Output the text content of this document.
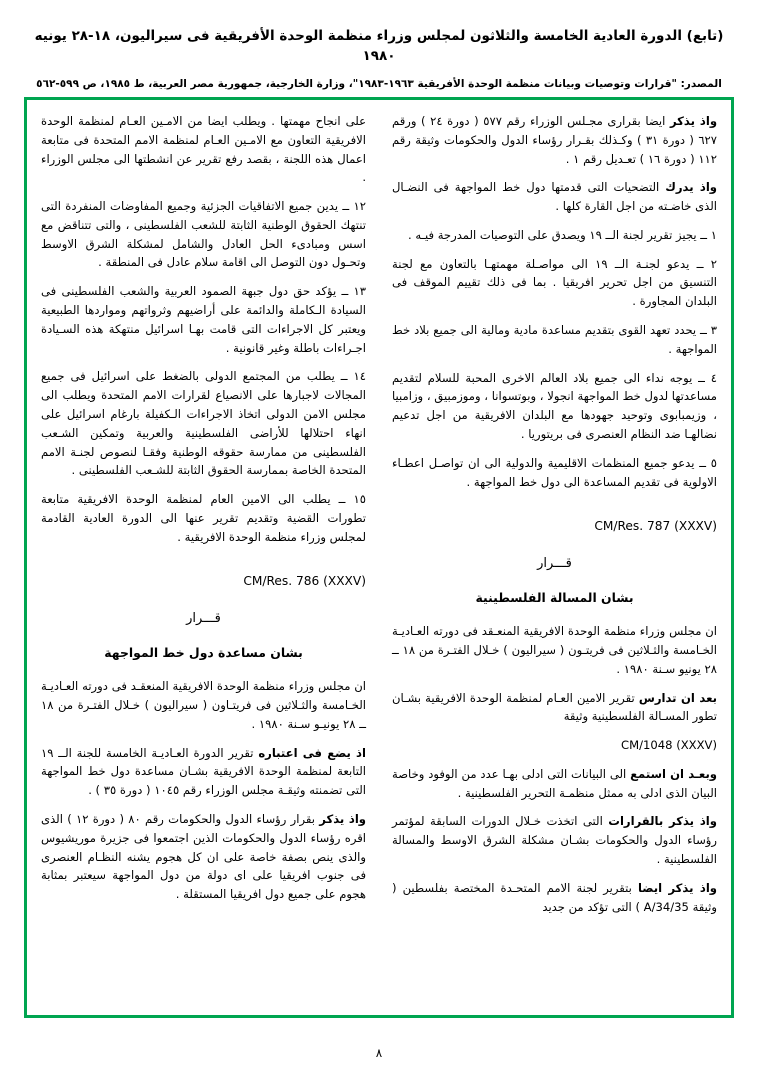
(تابع) الدورة العادية الخامسة والثلاثون لمجلس وزراء منظمة الوحدة الأفريقية فى سيراليون، ١٨-٢٨ يونيه ١٩٨٠

المصدر: "قرارات وتوصيات وبيانات منظمة الوحدة الأفريقية ١٩٦٣-١٩٨٣"، وزارة الخارجية، جمهورية مصر العربية، ط ١٩٨٥، ص ٥٩٩-٥٦٢

واذ يذكر ايضا بقرارى مجـلس الوزراء رقم ٥٧٧ ( دورة ٢٤ ) ورقم ٦٢٧ ( دورة ٣١ ) وكـذلك بقـرار رؤساء الدول والحكومات وثيقة رقم ١١٢ ( دورة ١٦ ) تعـديل رقم ١ .

واذ يدرك التضحيات التى قدمتها دول خط المواجهة فى النضـال الذى خاضـته من اجل القارة كلها .

١ ــ يجيز تقرير لجنة الــ ١٩ ويصدق على التوصيات المدرجة فيـه .

٢ ــ يدعو لجنـة الــ ١٩ الى مواصـلة مهمتهـا بالتعاون مع لجنة التنسيق من اجل تحرير افريقيا . بما فى ذلك تقييم الموقف فى البلدان المجاورة .

٣ ــ يحدد تعهد القوى بتقديم مساعدة مادية ومالية الى جميع بلاد خط المواجهة .

٤ ــ يوجه نداء الى جميع بلاد العالم الاخرى المحبة للسلام لتقديم مساعدتها لدول خط المواجهة انجولا ، وبوتسوانا ، وموزمبيق ، وزامبيا ، وزيمبابوى وتوحيد جهودها مع البلدان الافريقية من اجل تدعيم نضالهـا ضد النظام العنصرى فى بريتوريا .

٥ ــ يدعو جميع المنظمات الاقليمية والدولية الى ان تواصـل اعطـاء الاولوية فى تقديم المساعدة الى دول خط المواجهة .

CM/Res. 787 (XXXV)
قـــرار
بشان المسالة الفلسطينية

ان مجلس وزراء منظمة الوحدة الافريقية المنعـقد فى دورته العـاديـة الخـامسة والثـلاثين فى فريتـون ( سيراليون ) خـلال الفتـرة من ١٨ ــ ٢٨ يونيو سـنة ١٩٨٠ .

بعد ان تدارس تقرير الامين العـام لمنظمة الوحدة الافريقية بشـان تطور المسـالة الفلسطينية وثيقة

CM/1048 (XXXV)

وبعـد ان استمع الى البيانات التى ادلى بهـا عدد من الوفود وخاصة البيان الذى ادلى به ممثل منظمـة التحرير الفلسطينية .

واذ يذكر بالقرارات التى اتخذت خـلال الدورات السابقة لمؤتمر رؤساء الدول والحكومات بشـان مشكلة الشرق الاوسط والمسالة الفلسطينية .

واذ يذكر ايضا بتقرير لجنة الامم المتحـدة المختصة بفلسطين ( وثيقة A/34/35 ) التى تؤكد من جديد

على انجاح مهمتها . ويطلب ايضا من الامـين العـام لمنظمة الوحدة الافريقية التعاون مع الامـين العـام لمنظمة الامم المتحدة فى متابعة اعمال هذه اللجنة ، بقصد رفع تقرير عن انشطتها الى مجلس الوزراء .

١٢ ــ يدين جميع الاتفاقيات الجزئية وجميع المفاوضات المنفردة التى تنتهك الحقوق الوطنية الثابتة للشعب الفلسطينى ، والتى تتناقض مع اسس ومبادىء الحل العادل والشامل لمشكلة الشرق الاوسط وتحـول دون التوصل الى اقامة سلام عادل فى المنطقة .

١٣ ــ يؤكد حق دول جبهة الصمود العربية والشعب الفلسطينى فى السيادة الـكاملة والدائمة على أراضيهم وثرواتهم ومواردها الطبيعية ويعتبر كل الاجراءات التى قامت بهـا اسرائيل منتهكة هذه السـيادة اجـراءات باطلة وغير قانونية .

١٤ ــ يطلب من المجتمع الدولى بالضغط على اسرائيل فى جميع المجالات لاجبارها على الانصياع لقرارات الامم المتحدة ويطلب الى مجلس الامن الدولى اتخاذ الاجراءات الـكفيلة بارغام اسرائيل على انهاء احتلالها للأراضى الفلسطينية والعربية وتمكين الشـعب الفلسطينى من ممارسة حقوقه الوطنية وفقـا لنصوص لجنـة الامم المتحدة الخاصة بممارسة الحقوق الثابتة للشـعب الفلسطينى .

١٥ ــ يطلب الى الامين العام لمنظمة الوحدة الافريقية متابعة تطورات القضية وتقديم تقرير عنها الى الدورة العادية القادمة لمجلس وزراء منظمة الوحدة الافريقية .

CM/Res. 786 (XXXV)
قـــرار
بشان مساعدة دول خط المواجهة

ان مجلس وزراء منظمة الوحدة الافريقية المنعقـد فى دورته العـاديـة الخـامسة والثـلاثين فى فريتـاون ( سيراليون ) خـلال الفتـرة من ١٨ ــ ٢٨ يونيـو سـنة ١٩٨٠ .

اذ يضع فى اعتباره تقرير الدورة العـاديـة الخامسة للجنة الــ ١٩ التابعة لمنظمة الوحدة الافريقية بشـان مساعدة دول خط المواجهة التى تضمنته وثيقـة مجلس الوزراء رقم ١٠٤٥ ( دورة ٣٥ ) .

واذ يذكر بقرار رؤساء الدول والحكومات رقم ٨٠ ( دورة ١٢ ) الذى اقره رؤساء الدول والحكومات الذين اجتمعوا فى جزيرة موريشيوس والذى ينص بصفة خاصة على ان كل هجوم يشنه النظـام العنصرى فى جنوب افريقيا على اى دولة من دول المواجهة سيعتبر بمثابة هجوم على جميع دول افريقيا المستقلة .

٨
